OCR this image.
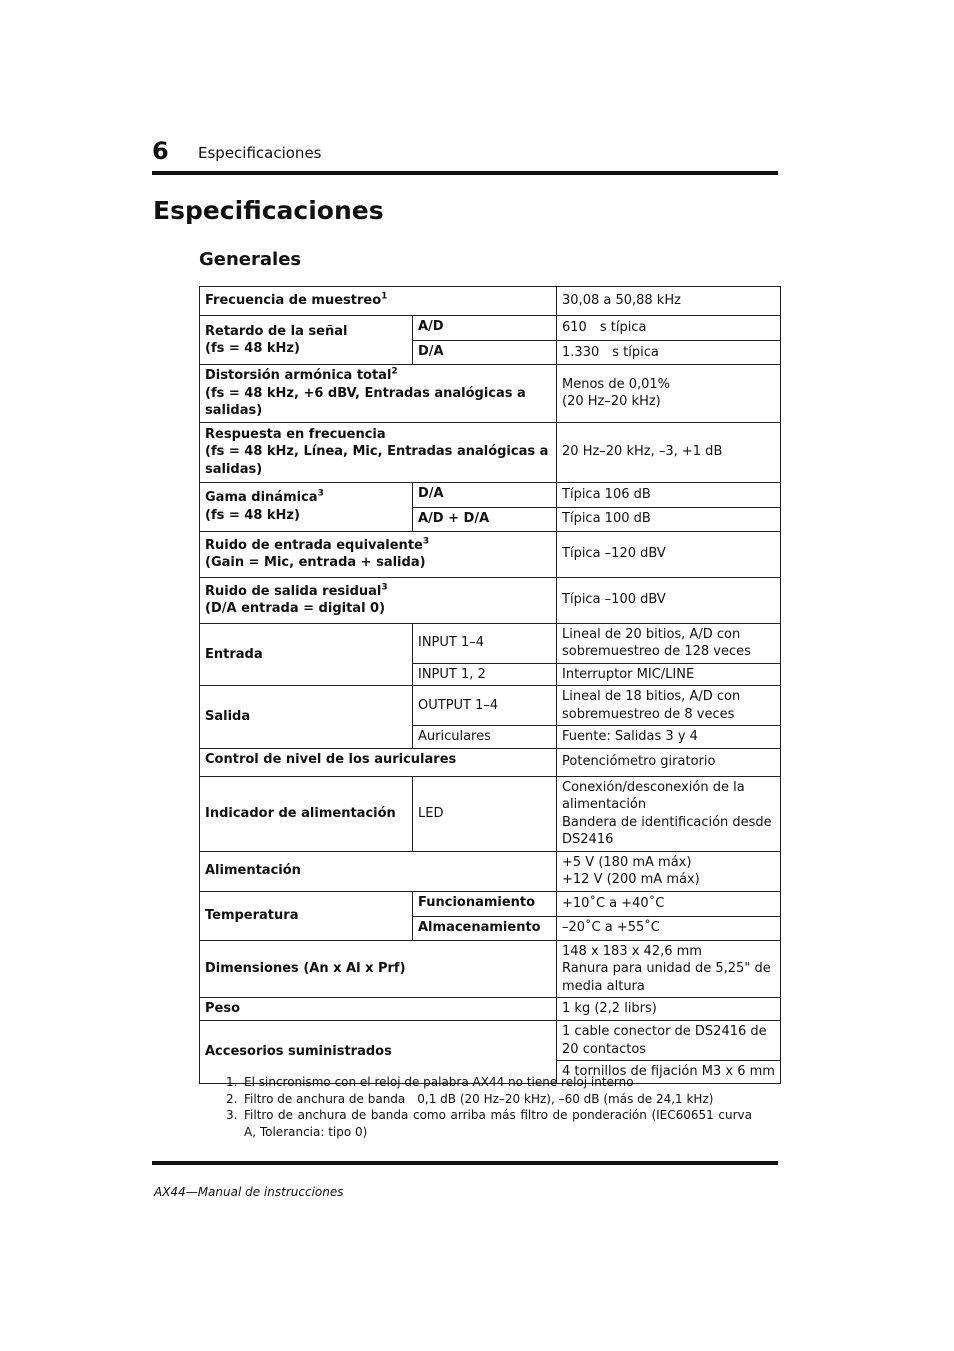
6 Especificaciones
Especificaciones
Generales
Frecuencia de muestreo$^1$		30,08 a 50,88 kHz
Retardo de la señal
(fs = 48 kHz)	A/D	610 s típica
	D/A	1.330 s típica
Distorsión armónica total$^2$
(fs = 48 kHz, +6 dBV, Entradas analógicas a salidas)		Menos de 0,01%
(20 Hz–20 kHz)
Respuesta en frecuencia
(fs = 48 kHz, Línea, Mic, Entradas analógicas a salidas)		20 Hz–20 kHz, –3, +1 dB
Gama dinámica$^3$
(fs = 48 kHz)	D/A	Típica 106 dB
	A/D + D/A	Típica 100 dB
Ruido de entrada equivalente$^3$
(Gain = Mic, entrada + salida)		Típica –120 dBV
Ruido de salida residual$^3$
(D/A entrada = digital 0)		Típica –100 dBV
Entrada	INPUT 1–4	Lineal de 20 bitios, A/D con sobremuestreo de 128 veces
	INPUT 1, 2	Interruptor MIC/LINE
Salida	OUTPUT 1–4	Lineal de 18 bitios, A/D con sobremuestreo de 8 veces
	Auriculares	Fuente: Salidas 3 y 4
Control de nivel de los auriculares		Potenciómetro giratorio
Indicador de alimentación	LED	Conexión/desconexión de la alimentación
Bandera de identificación desde DS2416
Alimentación		+5 V (180 mA máx)
+12 V (200 mA máx)
Temperatura	Funcionamiento	+10˚C a +40˚C
	Almacenamiento	–20˚C a +55˚C
Dimensiones (An x Al x Prf)		148 x 183 x 42,6 mm
Ranura para unidad de 5,25" de media altura
Peso		1 kg (2,2 librs)
Accesorios suministrados		1 cable conector de DS2416 de 20 contactos
		4 tornillos de fijación M3 x 6 mm
1. El sincronismo con el reloj de palabra AX44 no tiene reloj interno
2. Filtro de anchura de banda 0,1 dB (20 Hz–20 kHz), –60 dB (más de 24,1 kHz)
3. Filtro de anchura de banda como arriba más filtro de ponderación (IEC60651 curva A, Tolerancia: tipo 0)
AX44—Manual de instrucciones
